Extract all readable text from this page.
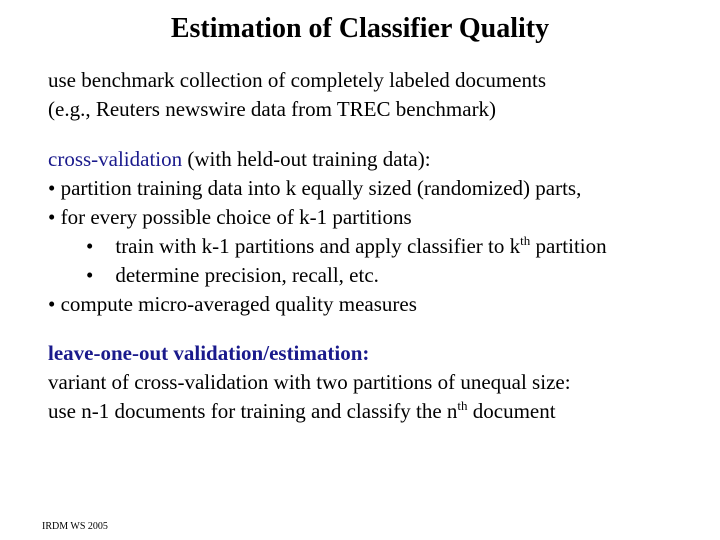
Estimation of Classifier Quality
use benchmark collection of completely labeled documents
(e.g., Reuters newswire data from TREC benchmark)
cross-validation (with held-out training data):
• partition training data into k equally sized (randomized) parts,
• for every possible choice of k-1 partitions
• train with k-1 partitions and apply classifier to $k^{th}$ partition
• determine precision, recall, etc.
• compute micro-averaged quality measures
leave-one-out validation/estimation:
variant of cross-validation with two partitions of unequal size:
use n-1 documents for training and classify the $n^{th}$ document
IRDM WS 2005
